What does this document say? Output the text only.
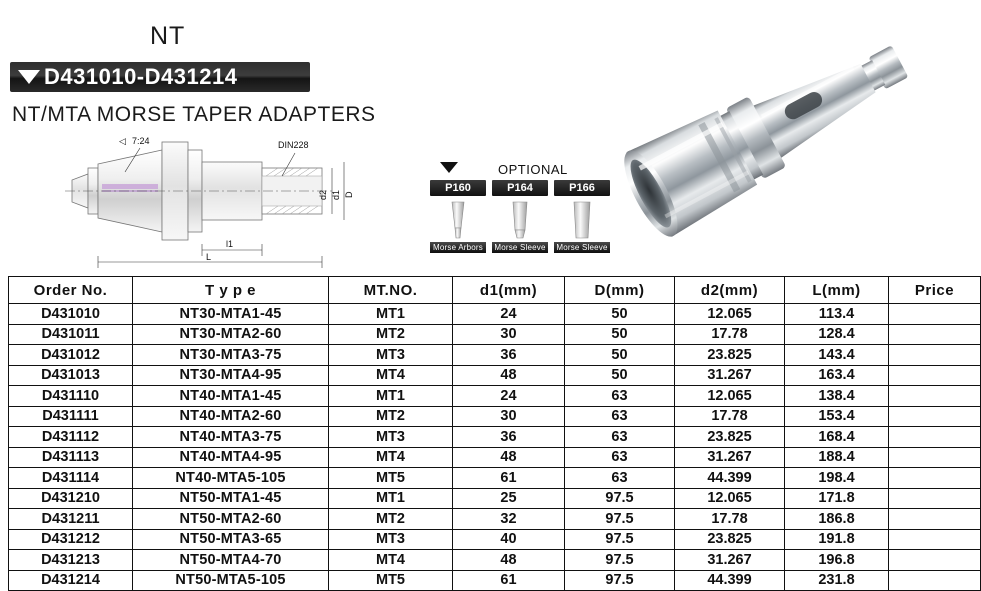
NT
D431010-D431214
NT/MTA MORSE TAPER ADAPTERS
7:24
◁	DIN228
d2 d1 D
l1
L
OPTIONAL
P160
Morse Arbors
P164
Morse Sleeve
P166
Morse Sleeve
Order No.	T y p e	MT.NO.	d1(mm)	D(mm)	d2(mm)	L(mm)	Price
D431010	NT30-MTA1-45	MT1	24	50	12.065	113.4	
D431011	NT30-MTA2-60	MT2	30	50	17.78	128.4	
D431012	NT30-MTA3-75	MT3	36	50	23.825	143.4	
D431013	NT30-MTA4-95	MT4	48	50	31.267	163.4	
D431110	NT40-MTA1-45	MT1	24	63	12.065	138.4	
D431111	NT40-MTA2-60	MT2	30	63	17.78	153.4	
D431112	NT40-MTA3-75	MT3	36	63	23.825	168.4	
D431113	NT40-MTA4-95	MT4	48	63	31.267	188.4	
D431114	NT40-MTA5-105	MT5	61	63	44.399	198.4	
D431210	NT50-MTA1-45	MT1	25	97.5	12.065	171.8	
D431211	NT50-MTA2-60	MT2	32	97.5	17.78	186.8	
D431212	NT50-MTA3-65	MT3	40	97.5	23.825	191.8	
D431213	NT50-MTA4-70	MT4	48	97.5	31.267	196.8	
D431214	NT50-MTA5-105	MT5	61	97.5	44.399	231.8	
